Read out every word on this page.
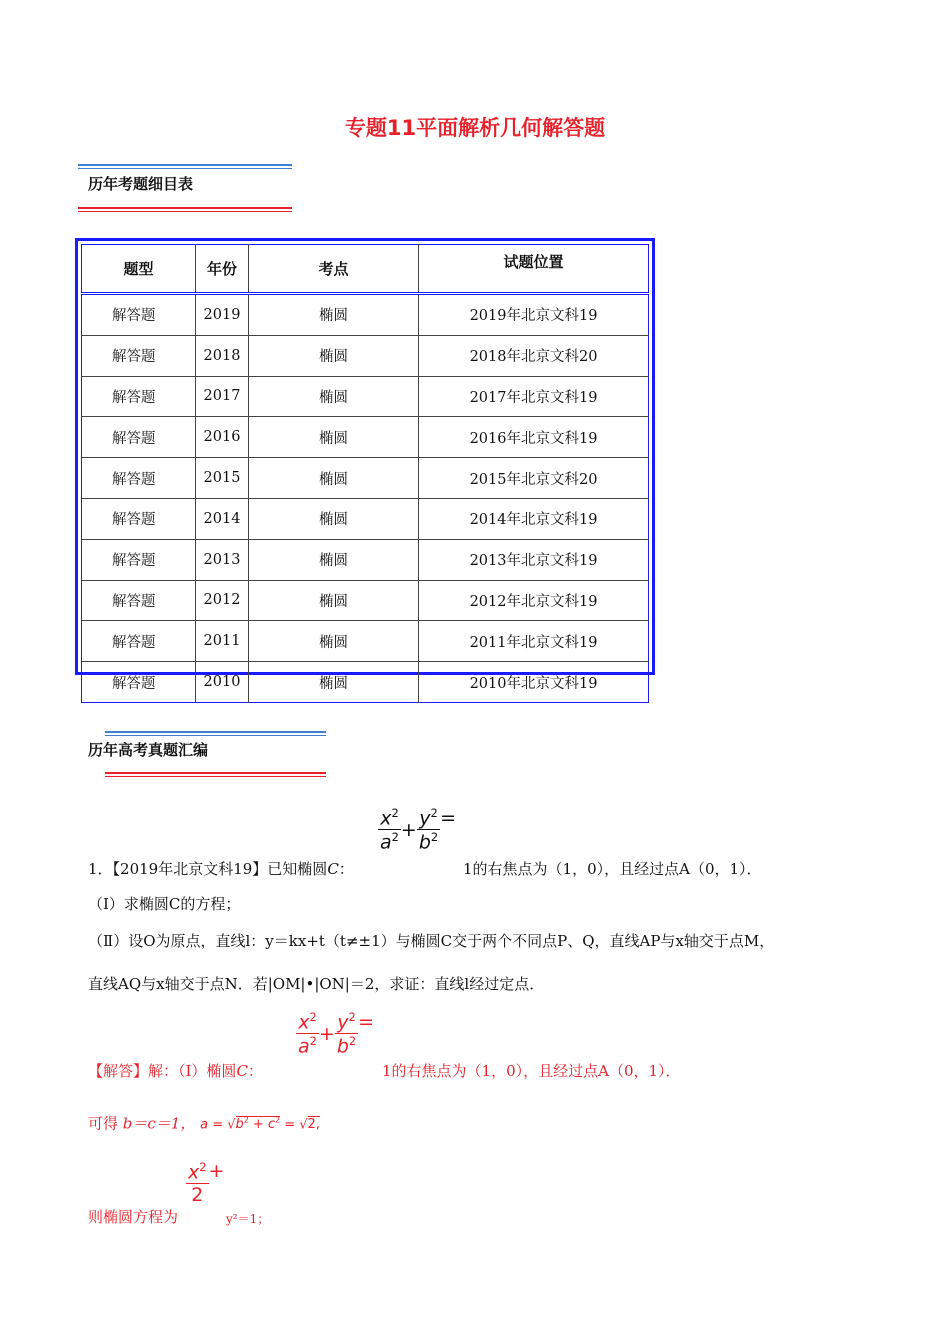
专题11平面解析几何解答题
历年考题细目表
题型	年份	考点	试题位置
解答题	2019	椭圆	2019年北京文科19
解答题	2018	椭圆	2018年北京文科20
解答题	2017	椭圆	2017年北京文科19
解答题	2016	椭圆	2016年北京文科19
解答题	2015	椭圆	2015年北京文科20
解答题	2014	椭圆	2014年北京文科19
解答题	2013	椭圆	2013年北京文科19
解答题	2012	椭圆	2012年北京文科19
解答题	2011	椭圆	2011年北京文科19
解答题	2010	椭圆	2010年北京文科19
历年高考真题汇编
$\frac{x^2}{a^2} + \frac{y^2}{b^2}$ =
1．【2019年北京文科19】已知椭圆C：	1的右焦点为（1，0），且经过点A（0，1）．
（Ⅰ）求椭圆C的方程；
（Ⅱ）设O为原点，直线l：y＝kx+t（t≠±1）与椭圆C交于两个不同点P、Q，直线AP与x轴交于点M，
直线AQ与x轴交于点N．若|OM|•|ON|＝2，求证：直线l经过定点．
$\frac{x^2}{a^2} + \frac{y^2}{b^2}$ =
【解答】解：（Ⅰ）椭圆C：	1的右焦点为（1，0），且经过点A（0，1）．
可得 b＝c＝1， $a = √b^2 + c^2 = √2$,
$\frac{x^2}{2}$ +
则椭圆方程为	y²＝1；
